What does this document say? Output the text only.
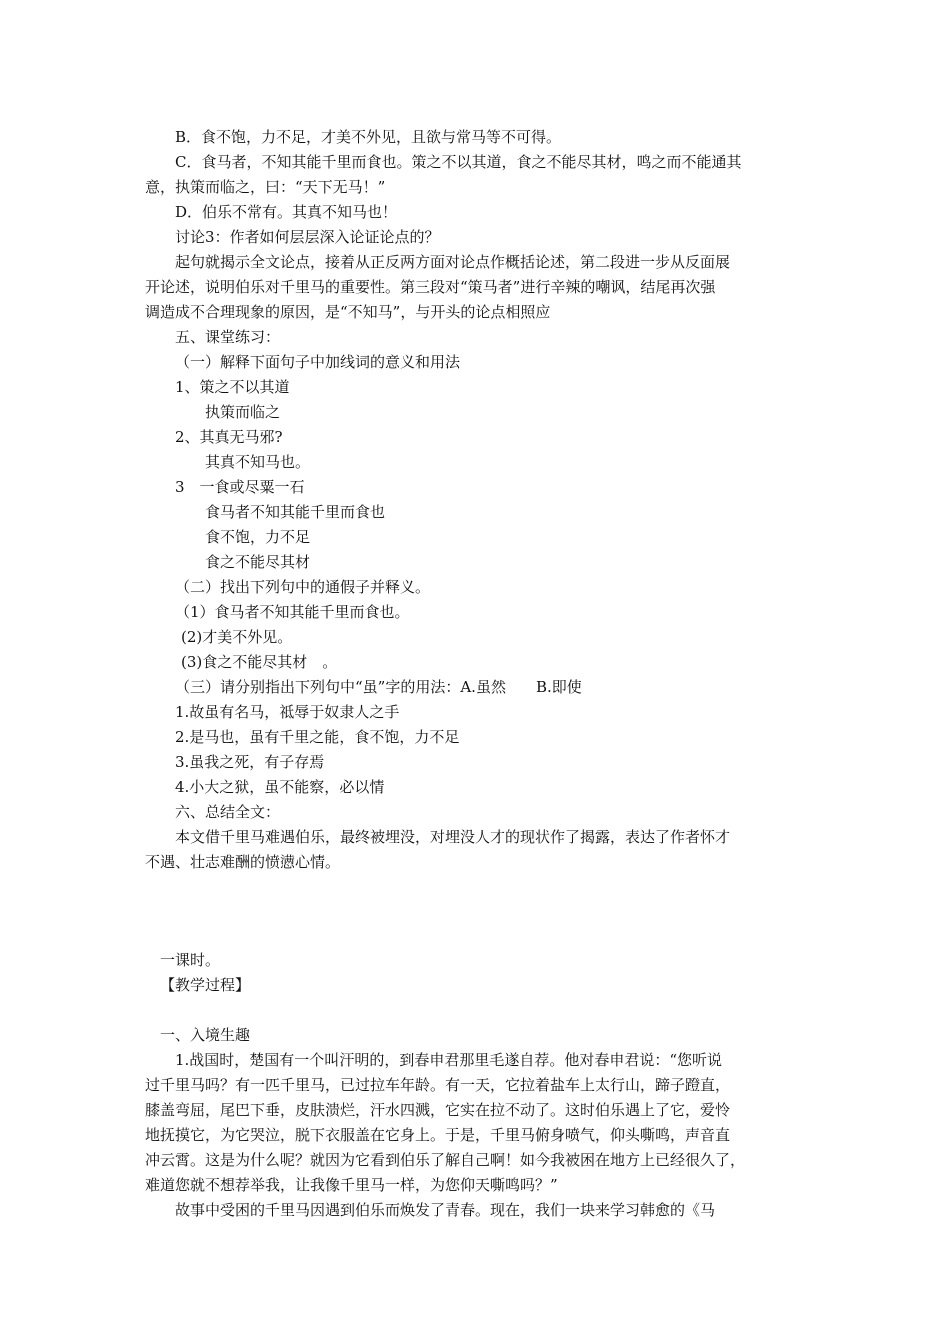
B．食不饱，力不足，才美不外见，且欲与常马等不可得。
C．食马者，不知其能千里而食也。策之不以其道，食之不能尽其材，鸣之而不能通其
意，执策而临之，曰：“天下无马！”
D．伯乐不常有。其真不知马也！
讨论3：作者如何层层深入论证论点的？
起句就揭示全文论点，接着从正反两方面对论点作概括论述，第二段进一步从反面展
开论述，说明伯乐对千里马的重要性。第三段对“策马者”进行辛辣的嘲讽，结尾再次强
调造成不合理现象的原因，是“不知马”，与开头的论点相照应
五、课堂练习：
（一）解释下面句子中加线词的意义和用法
1、策之不以其道
执策而临之
2、其真无马邪?
其真不知马也。
3　一食或尽粟一石
食马者不知其能千里而食也
食不饱，力不足
食之不能尽其材
（二）找出下列句中的通假子并释义。
（1）食马者不知其能千里而食也。
(2)才美不外见。
(3)食之不能尽其材　。
（三）请分别指出下列句中“虽”字的用法：A.虽然　　B.即使
1.故虽有名马，祗辱于奴隶人之手
2.是马也，虽有千里之能，食不饱，力不足
3.虽我之死，有子存焉
4.小大之狱，虽不能察，必以情
六、总结全文：
本文借千里马难遇伯乐，最终被埋没，对埋没人才的现状作了揭露，表达了作者怀才
不遇、壮志难酬的愤懑心情。
一课时。
【教学过程】
一、入境生趣
1.战国时，楚国有一个叫汗明的，到春申君那里毛遂自荐。他对春申君说：“您听说
过千里马吗？有一匹千里马，已过拉车年龄。有一天，它拉着盐车上太行山，蹄子蹬直，
膝盖弯屈，尾巴下垂，皮肤溃烂，汗水四溅，它实在拉不动了。这时伯乐遇上了它，爱怜
地抚摸它，为它哭泣，脱下衣服盖在它身上。于是，千里马俯身喷气，仰头嘶鸣，声音直
冲云霄。这是为什么呢？就因为它看到伯乐了解自己啊！如今我被困在地方上已经很久了，
难道您就不想荐举我，让我像千里马一样，为您仰天嘶鸣吗？”
故事中受困的千里马因遇到伯乐而焕发了青春。现在，我们一块来学习韩愈的《马
